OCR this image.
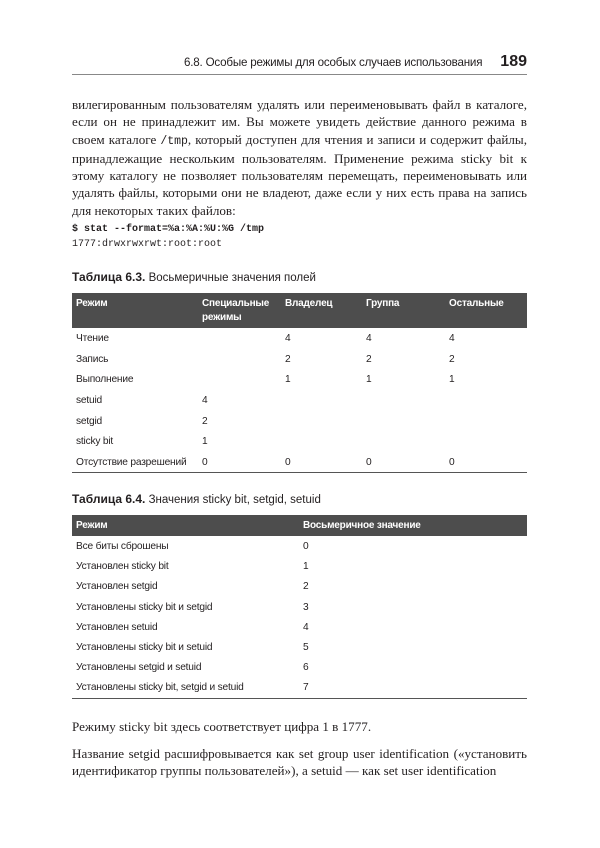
6.8. Особые режимы для особых случаев использования 189

вилегированным пользователям удалять или переименовывать файл в каталоге, если он не принадлежит им. Вы можете увидеть действие данного режима в своем каталоге /tmp, который доступен для чтения и записи и содержит файлы, принадлежащие нескольким пользователям. Применение режима sticky bit к этому каталогу не позволяет пользователям перемещать, переименовывать или удалять файлы, которыми они не владеют, даже если у них есть права на запись для некоторых таких файлов:

$ stat --format=%a:%A:%U:%G /tmp
1777:drwxrwxrwt:root:root
Таблица 6.3. Восьмеричные значения полей
Режим	Специальные режимы	Владелец	Группа	Остальные
Чтение		4	4	4
Запись		2	2	2
Выполнение		1	1	1
setuid	4			
setgid	2			
sticky bit	1			
Отсутствие разрешений	0	0	0	0
Таблица 6.4. Значения sticky bit, setgid, setuid
Режим	Восьмеричное значение
Все биты сброшены	0
Установлен sticky bit	1
Установлен setgid	2
Установлены sticky bit и setgid	3
Установлен setuid	4
Установлены sticky bit и setuid	5
Установлены setgid и setuid	6
Установлены sticky bit, setgid и setuid	7

Режиму sticky bit здесь соответствует цифра 1 в 1777.

Название setgid расшифровывается как set group user identification («установить идентификатор группы пользователей»), а setuid — как set user identification
